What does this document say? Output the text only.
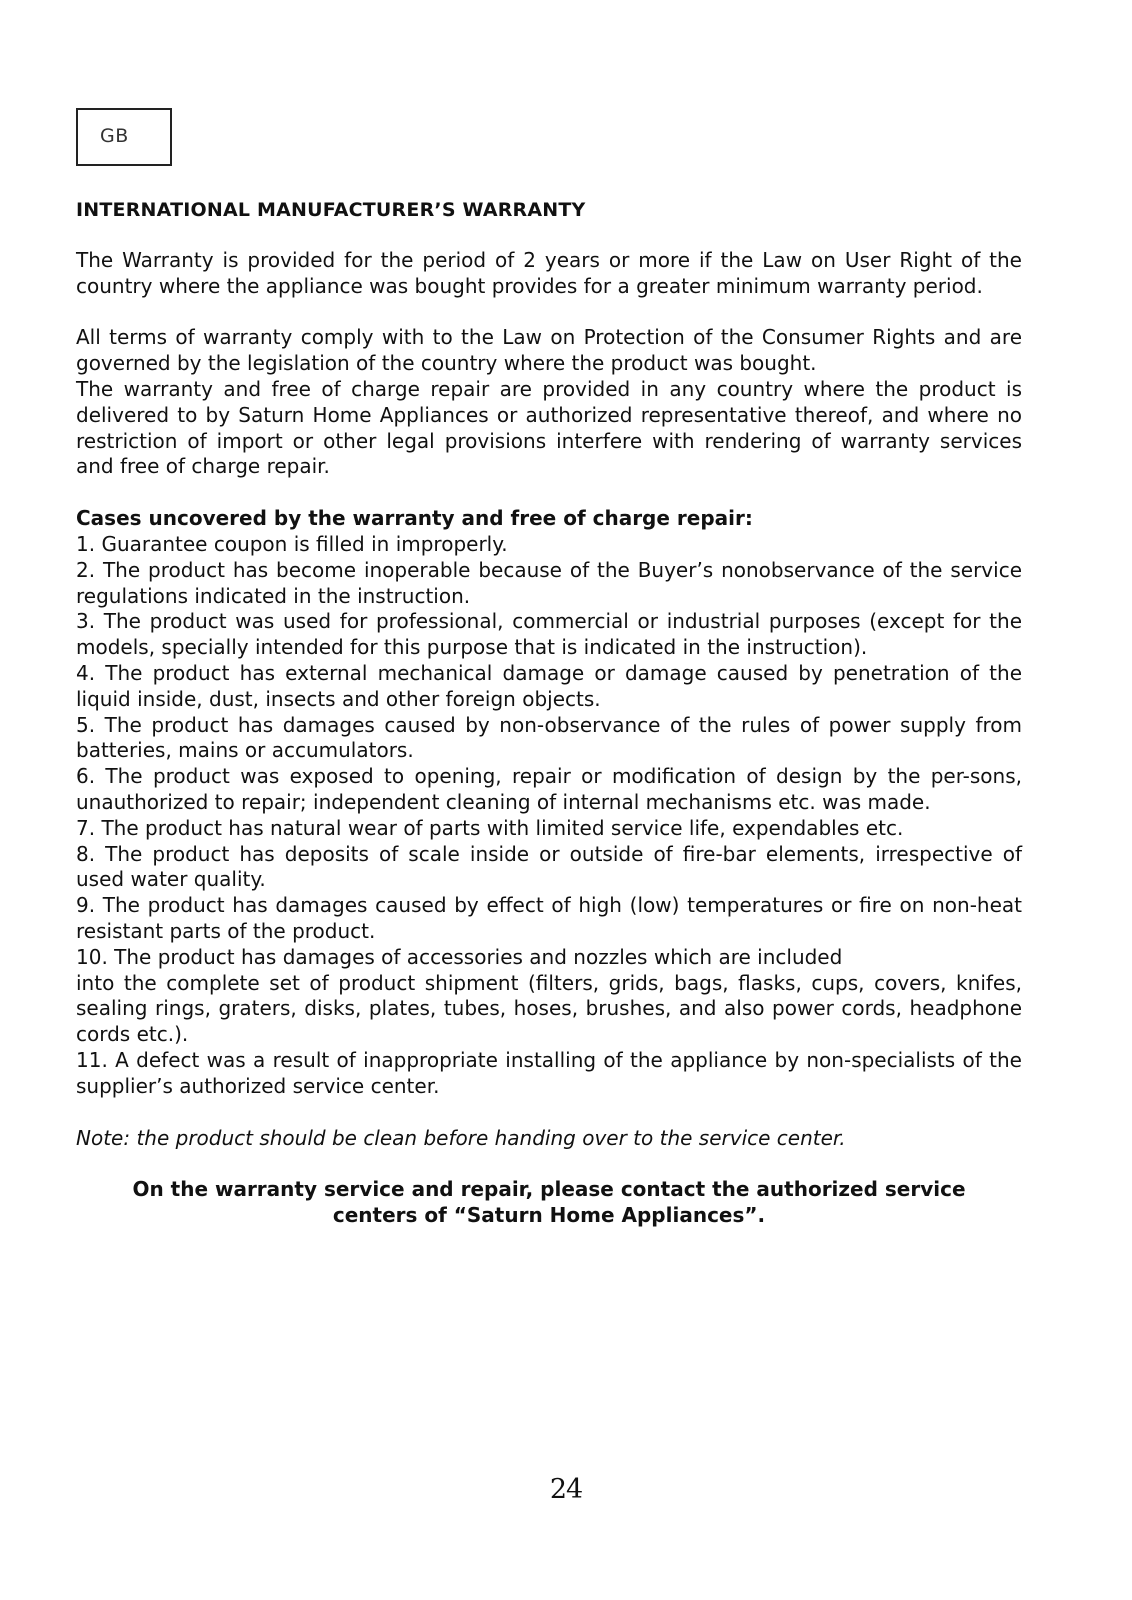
GB

INTERNATIONAL MANUFACTURER’S WARRANTY

The Warranty is provided for the period of 2 years or more if the Law on User Right of the country where the appliance was bought provides for a greater minimum warranty period.

All terms of warranty comply with to the Law on Protection of the Consumer Rights and are governed by the legislation of the country where the product was bought.

The warranty and free of charge repair are provided in any country where the product is delivered to by Saturn Home Appliances or authorized representative thereof, and where no restriction of import or other legal provisions interfere with rendering of warranty services and free of charge repair.

Cases uncovered by the warranty and free of charge repair:

1. Guarantee coupon is filled in improperly.

2. The product has become inoperable because of the Buyer’s nonobservance of the service regulations indicated in the instruction.

3. The product was used for professional, commercial or industrial purposes (except for the models, specially intended for this purpose that is indicated in the instruction).

4. The product has external mechanical damage or damage caused by penetration of the liquid inside, dust, insects and other foreign objects.

5. The product has damages caused by non-observance of the rules of power supply from batteries, mains or accumulators.

6. The product was exposed to opening, repair or modification of design by the per-sons, unauthorized to repair; independent cleaning of internal mechanisms etc. was made.

7. The product has natural wear of parts with limited service life, expendables etc.

8. The product has deposits of scale inside or outside of fire-bar elements, irrespective of used water quality.

9. The product has damages caused by effect of high (low) temperatures or fire on non-heat resistant parts of the product.

10. The product has damages of accessories and nozzles which are included

into the complete set of product shipment (filters, grids, bags, flasks, cups, covers, knifes, sealing rings, graters, disks, plates, tubes, hoses, brushes, and also power cords, headphone cords etc.).

11. A defect was a result of inappropriate installing of the appliance by non-specialists of the supplier’s authorized service center.

Note: the product should be clean before handing over to the service center.

On the warranty service and repair, please contact the authorized service

centers of “Saturn Home Appliances”.

24
